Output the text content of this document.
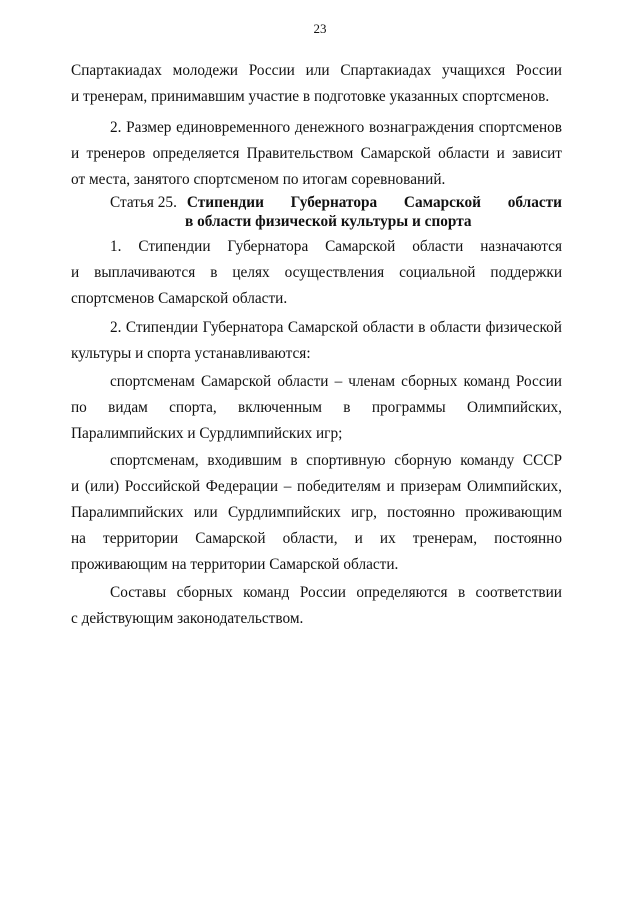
23
Спартакиадах молодежи России или Спартакиадах учащихся России
и тренерам, принимавшим участие в подготовке указанных спортсменов.
2. Размер единовременного денежного вознаграждения спортсменов
и тренеров определяется Правительством Самарской области и зависит
от места, занятого спортсменом по итогам соревнований.
Статья 25. Стипендии Губернатора Самарской области
в области физической культуры и спорта
1. Стипендии Губернатора Самарской области назначаются
и выплачиваются в целях осуществления социальной поддержки
спортсменов Самарской области.
2. Стипендии Губернатора Самарской области в области физической
культуры и спорта устанавливаются:
спортсменам Самарской области – членам сборных команд России
по видам спорта, включенным в программы Олимпийских,
Паралимпийских и Сурдлимпийских игр;
спортсменам, входившим в спортивную сборную команду СССР
и (или) Российской Федерации – победителям и призерам Олимпийских,
Паралимпийских или Сурдлимпийских игр, постоянно проживающим
на территории Самарской области, и их тренерам, постоянно
проживающим на территории Самарской области.
Составы сборных команд России определяются в соответствии
с действующим законодательством.
